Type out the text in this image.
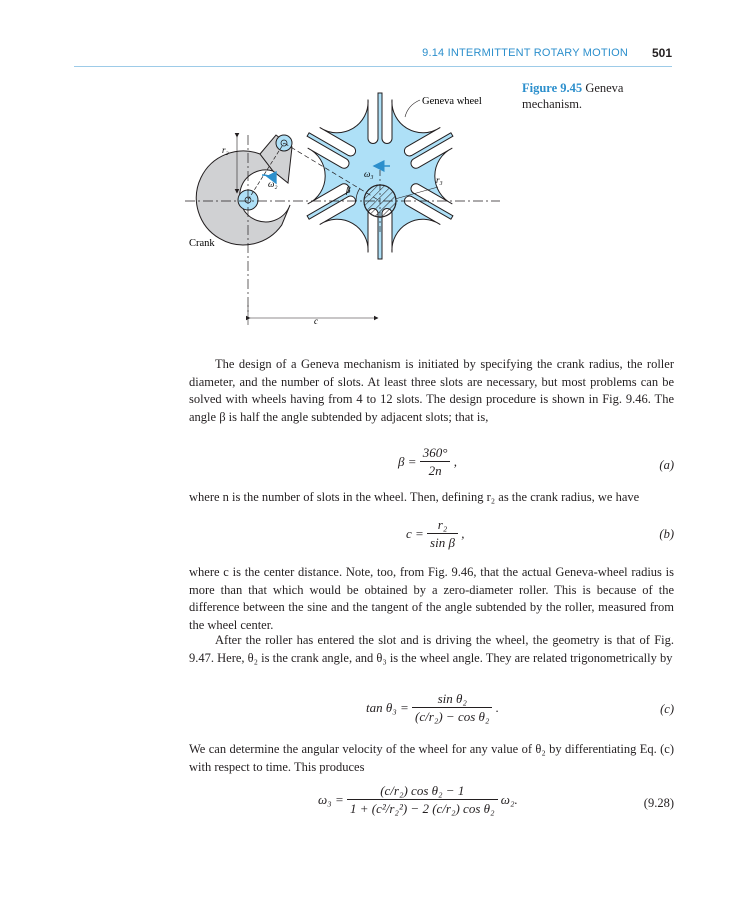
9.14 INTERMITTENT ROTARY MOTION 501
Figure 9.45 Geneva mechanism.
Geneva wheel
Crank
r₂
r₃
ω₂
ω₃
β
c

The design of a Geneva mechanism is initiated by specifying the crank radius, the roller diameter, and the number of slots. At least three slots are necessary, but most problems can be solved with wheels having from 4 to 12 slots. The design procedure is shown in Fig. 9.46. The angle β is half the angle subtended by adjacent slots; that is,

$\beta = \frac{360^\circ}{2n}$ ,	(a)

where n is the number of slots in the wheel. Then, defining r₂ as the crank radius, we have

$c = \frac{\text{r₂}}{\text{sin β}}$ ,	(b)

where c is the center distance. Note, too, from Fig. 9.46, that the actual Geneva-wheel radius is more than that which would be obtained by a zero-diameter roller. This is because of the difference between the sine and the tangent of the angle subtended by the roller, measured from the wheel center.

After the roller has entered the slot and is driving the wheel, the geometry is that of Fig. 9.47. Here, θ₂ is the crank angle, and θ₃ is the wheel angle. They are related trigonometrically by

$\tan \theta_3 = \frac{\text{sin θ₂}}{\text{(c/r₂) − cos θ₂}}$ .	(c)

We can determine the angular velocity of the wheel for any value of θ₂ by differentiating Eq. (c) with respect to time. This produces

$\omega_3 = \frac{\text{(c/r₂) cos θ₂ − 1}}{\text{1 + (c²/r₂²) − 2 (c/r₂) cos θ₂}} \omega_2$.	(9.28)
